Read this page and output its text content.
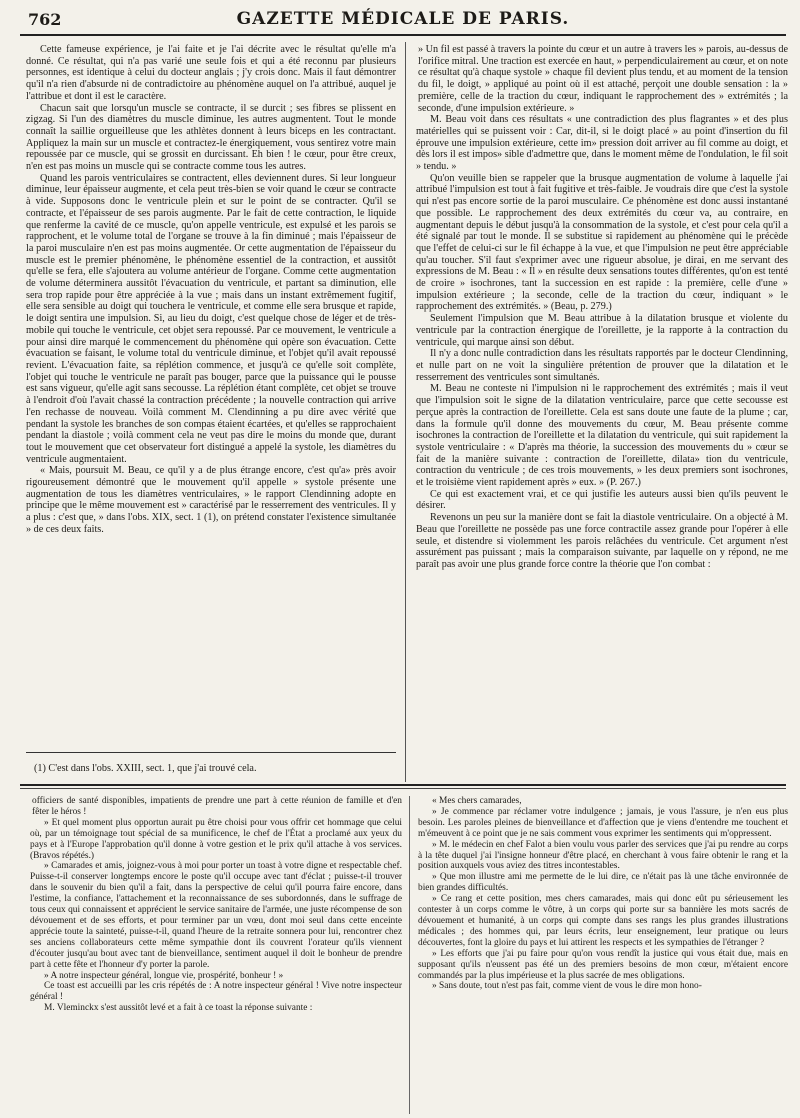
762	GAZETTE MÉDICALE DE PARIS.

Cette fameuse expérience, je l'ai faite et je l'ai décrite avec le résultat qu'elle m'a donné. Ce résultat, qui n'a pas varié une seule fois et qui a été reconnu par plusieurs personnes, est identique à celui du docteur anglais ; j'y crois donc. Mais il faut démontrer qu'il n'a rien d'absurde ni de contradictoire au phénomène auquel on l'a attribué, auquel je l'attribue et dont il est le caractère.

Chacun sait que lorsqu'un muscle se contracte, il se durcit ; ses fibres se plissent en zigzag. Si l'un des diamètres du muscle diminue, les autres augmentent. Tout le monde connaît la saillie orgueilleuse que les athlètes donnent à leurs biceps en les contractant. Appliquez la main sur un muscle et contractez-le énergiquement, vous sentirez votre main repoussée par ce muscle, qui se grossit en durcissant. Eh bien ! le cœur, pour être creux, n'en est pas moins un muscle qui se contracte comme tous les autres.

Quand les parois ventriculaires se contractent, elles deviennent dures. Si leur longueur diminue, leur épaisseur augmente, et cela peut très-bien se voir quand le cœur se contracte à vide. Supposons donc le ventricule plein et sur le point de se contracter. Qu'il se contracte, et l'épaisseur de ses parois augmente. Par le fait de cette contraction, le liquide que renferme la cavité de ce muscle, qu'on appelle ventricule, est expulsé et les parois se rapprochent, et le volume total de l'organe se trouve à la fin diminué ; mais l'épaisseur de la paroi musculaire n'en est pas moins augmentée. Or cette augmentation de l'épaisseur du muscle est le premier phénomène, le phénomène essentiel de la contraction, et aussitôt qu'elle se fera, elle s'ajoutera au volume antérieur de l'organe. Comme cette augmentation de volume déterminera aussitôt l'évacuation du ventricule, et partant sa diminution, elle sera trop rapide pour être appréciée à la vue ; mais dans un instant extrêmement fugitif, elle sera sensible au doigt qui touchera le ventricule, et comme elle sera brusque et rapide, le doigt sentira une impulsion. Si, au lieu du doigt, c'est quelque chose de léger et de très-mobile qui touche le ventricule, cet objet sera repoussé. Par ce mouvement, le ventricule a pour ainsi dire marqué le commencement du phénomène qui opère son évacuation. Cette évacuation se faisant, le volume total du ventricule diminue, et l'objet qu'il avait repoussé revient. L'évacuation faite, sa réplétion commence, et jusqu'à ce qu'elle soit complète, l'objet qui touche le ventricule ne paraît pas bouger, parce que la puissance qui le pousse est sans vigueur, qu'elle agit sans secousse. La réplétion étant complète, cet objet se trouve à l'endroit d'où l'avait chassé la contraction précédente ; la nouvelle contraction qui arrive l'en rechasse de nouveau. Voilà comment M. Clendinning a pu dire avec vérité que pendant la systole les branches de son compas étaient écartées, et qu'elles se rapprochaient pendant la diastole ; voilà comment cela ne veut pas dire le moins du monde que, durant tout le mouvement que cet observateur fort distingué a appelé la systole, les diamètres du ventricule augmentaient.

« Mais, poursuit M. Beau, ce qu'il y a de plus étrange encore, c'est qu'a» près avoir rigoureusement démontré que le mouvement qu'il appelle » systole présente une augmentation de tous les diamètres ventriculaires, » le rapport Clendinning adopte en principe que le même mouvement est » caractérisé par le resserrement des ventricules. Il y a plus : c'est que, » dans l'obs. XIX, sect. 1 (1), on prétend constater l'existence simultanée » de ces deux faits.

(1) C'est dans l'obs. XXIII, sect. 1, que j'ai trouvé cela.

» Un fil est passé à travers la pointe du cœur et un autre à travers les » parois, au-dessus de l'orifice mitral. Une traction est exercée en haut, » perpendiculairement au cœur, et on note ce résultat qu'à chaque systole » chaque fil devient plus tendu, et au moment de la tension du fil, le doigt, » appliqué au point où il est attaché, perçoit une double sensation : la » première, celle de la traction du cœur, indiquant le rapprochement des » extrémités ; la seconde, d'une impulsion extérieure. »

M. Beau voit dans ces résultats « une contradiction des plus flagrantes » et des plus matérielles qui se puissent voir : Car, dit-il, si le doigt placé » au point d'insertion du fil éprouve une impulsion extérieure, cette im» pression doit arriver au fil comme au doigt, et dès lors il est impos» sible d'admettre que, dans le moment même de l'ondulation, le fil soit » tendu. »

Qu'on veuille bien se rappeler que la brusque augmentation de volume à laquelle j'ai attribué l'impulsion est tout à fait fugitive et très-faible. Je voudrais dire que c'est la systole qui n'est pas encore sortie de la paroi musculaire. Ce phénomène est donc aussi instantané que possible. Le rapprochement des deux extrémités du cœur va, au contraire, en augmentant depuis le début jusqu'à la consommation de la systole, et c'est pour cela qu'il a été signalé par tout le monde. Il se substitue si rapidement au phénomène qui le précède que l'effet de celui-ci sur le fil échappe à la vue, et que l'impulsion ne peut être appréciable qu'au toucher. S'il faut s'exprimer avec une rigueur absolue, je dirai, en me servant des expressions de M. Beau : « Il » en résulte deux sensations toutes différentes, qu'on est tenté de croire » isochrones, tant la succession en est rapide : la première, celle d'une » impulsion extérieure ; la seconde, celle de la traction du cœur, indiquant » le rapprochement des extrémités. » (Beau, p. 279.)

Seulement l'impulsion que M. Beau attribue à la dilatation brusque et violente du ventricule par la contraction énergique de l'oreillette, je la rapporte à la contraction du ventricule, qui marque ainsi son début.

Il n'y a donc nulle contradiction dans les résultats rapportés par le docteur Clendinning, et nulle part on ne voit la singulière prétention de prouver que la dilatation et le resserrement des ventricules sont simultanés.

M. Beau ne conteste ni l'impulsion ni le rapprochement des extrémités ; mais il veut que l'impulsion soit le signe de la dilatation ventriculaire, parce que cette secousse est perçue après la contraction de l'oreillette. Cela est sans doute une faute de la plume ; car, dans la formule qu'il donne des mouvements du cœur, M. Beau présente comme isochrones la contraction de l'oreillette et la dilatation du ventricule, qui suit rapidement la systole ventriculaire : « D'après ma théorie, la succession des mouvements du » cœur se fait de la manière suivante : contraction de l'oreillette, dilata» tion du ventricule, contraction du ventricule ; de ces trois mouvements, » les deux premiers sont isochrones, et le troisième vient rapidement après » eux. » (P. 267.)

Ce qui est exactement vrai, et ce qui justifie les auteurs aussi bien qu'ils peuvent le désirer.

Revenons un peu sur la manière dont se fait la diastole ventriculaire. On a objecté à M. Beau que l'oreillette ne possède pas une force contractile assez grande pour l'opérer à elle seule, et distendre si violemment les parois relâchées du ventricule. Cet argument n'est assurément pas puissant ; mais la comparaison suivante, par laquelle on y répond, ne me paraît pas avoir une plus grande force contre la théorie que l'on combat :

officiers de santé disponibles, impatients de prendre une part à cette réunion de famille et d'en fêter le héros !

» Et quel moment plus opportun aurait pu être choisi pour vous offrir cet hommage que celui où, par un témoignage tout spécial de sa munificence, le chef de l'État a proclamé aux yeux du pays et à l'Europe l'approbation qu'il donne à votre gestion et le prix qu'il attache à vos services. (Bravos répétés.)

» Camarades et amis, joignez-vous à moi pour porter un toast à votre digne et respectable chef. Puisse-t-il conserver longtemps encore le poste qu'il occupe avec tant d'éclat ; puisse-t-il trouver dans le souvenir du bien qu'il a fait, dans la perspective de celui qu'il pourra faire encore, dans l'estime, la confiance, l'attachement et la reconnaissance de ses subordonnés, dans le suffrage de tous ceux qui connaissent et apprécient le service sanitaire de l'armée, une juste récompense de son dévouement et de ses efforts, et pour terminer par un vœu, dont moi seul dans cette enceinte apprécie toute la sainteté, puisse-t-il, quand l'heure de la retraite sonnera pour lui, rencontrer chez ses anciens collaborateurs cette même sympathie dont ils couvrent l'orateur qu'ils viennent d'écouter jusqu'au bout avec tant de bienveillance, sentiment auquel il doit le bonheur de prendre part à cette fête et l'honneur d'y porter la parole.

» A notre inspecteur général, longue vie, prospérité, bonheur ! »

Ce toast est accueilli par les cris répétés de : A notre inspecteur général ! Vive notre inspecteur général !

M. Vleminckx s'est aussitôt levé et a fait à ce toast la réponse suivante :

« Mes chers camarades,

» Je commence par réclamer votre indulgence ; jamais, je vous l'assure, je n'en eus plus besoin. Les paroles pleines de bienveillance et d'affection que je viens d'entendre me touchent et m'émeuvent à ce point que je ne sais comment vous exprimer les sentiments qui m'oppressent.

» M. le médecin en chef Falot a bien voulu vous parler des services que j'ai pu rendre au corps à la tête duquel j'ai l'insigne honneur d'être placé, en cherchant à vous faire obtenir le rang et la position auxquels vous aviez des titres incontestables.

» Que mon illustre ami me permette de le lui dire, ce n'était pas là une tâche environnée de bien grandes difficultés.

» Ce rang et cette position, mes chers camarades, mais qui donc eût pu sérieusement les contester à un corps comme le vôtre, à un corps qui porte sur sa bannière les mots sacrés de dévouement et humanité, à un corps qui compte dans ses rangs les plus grandes illustrations médicales ; des hommes qui, par leurs écrits, leur enseignement, leur pratique ou leurs découvertes, font la gloire du pays et lui attirent les respects et les sympathies de l'étranger ?

» Les efforts que j'ai pu faire pour qu'on vous rendît la justice qui vous était due, mais en supposant qu'ils n'eussent pas été un des premiers besoins de mon cœur, m'étaient encore commandés par la plus impérieuse et la plus sacrée de mes obligations.

» Sans doute, tout n'est pas fait, comme vient de vous le dire mon hono-
